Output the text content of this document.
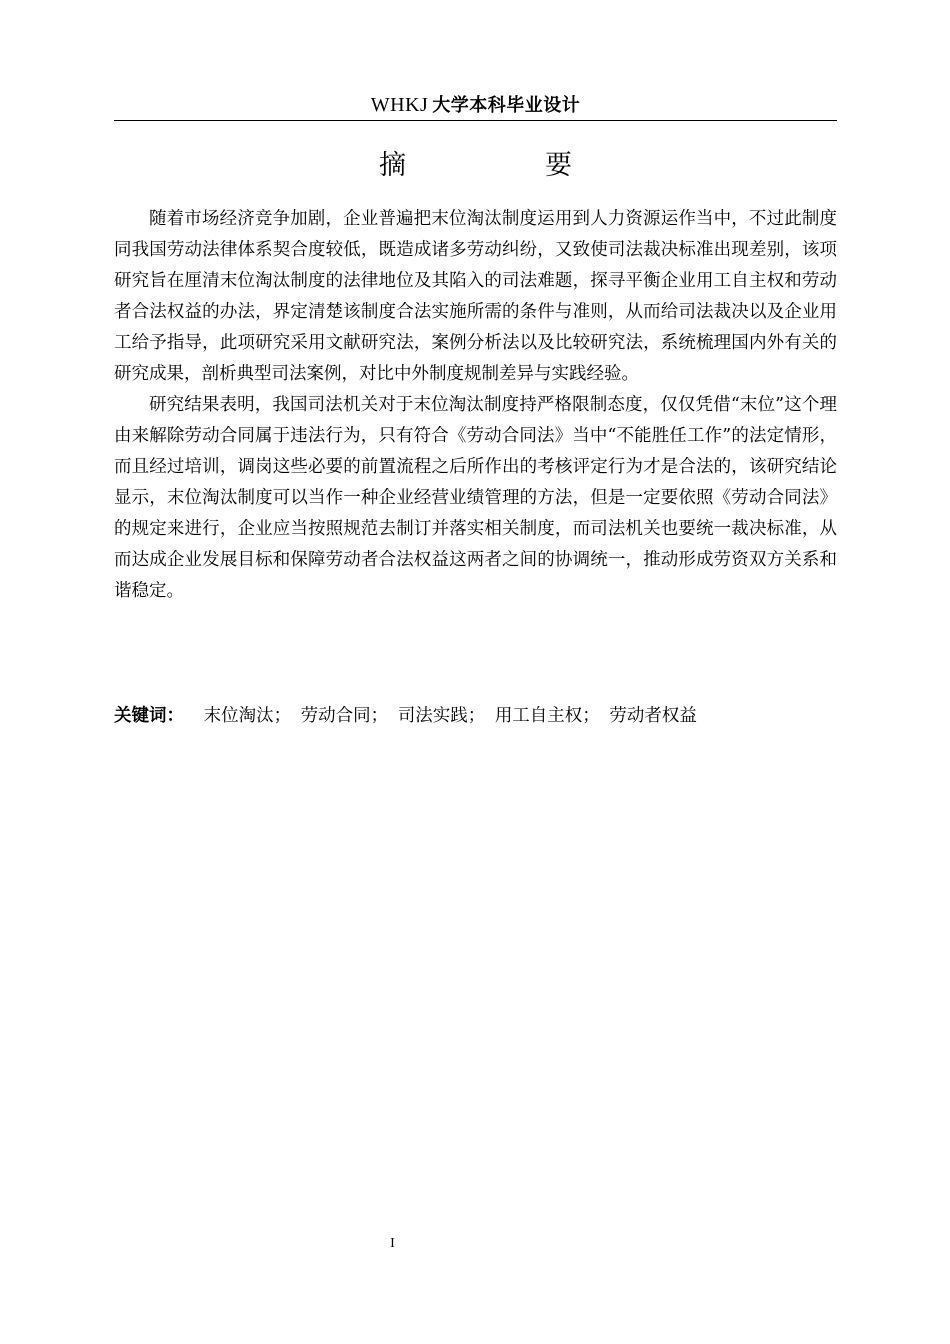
WHKJ 大学本科毕业设计
摘　要

随着市场经济竞争加剧，企业普遍把末位淘汰制度运用到人力资源运作当中，不过此制度同我国劳动法律体系契合度较低，既造成诸多劳动纠纷，又致使司法裁决标准出现差别，该项研究旨在厘清末位淘汰制度的法律地位及其陷入的司法难题，探寻平衡企业用工自主权和劳动者合法权益的办法，界定清楚该制度合法实施所需的条件与准则，从而给司法裁决以及企业用工给予指导，此项研究采用文献研究法，案例分析法以及比较研究法，系统梳理国内外有关的研究成果，剖析典型司法案例，对比中外制度规制差异与实践经验。

研究结果表明，我国司法机关对于末位淘汰制度持严格限制态度，仅仅凭借“末位”这个理由来解除劳动合同属于违法行为，只有符合《劳动合同法》当中“不能胜任工作”的法定情形，而且经过培训，调岗这些必要的前置流程之后所作出的考核评定行为才是合法的，该研究结论显示，末位淘汰制度可以当作一种企业经营业绩管理的方法，但是一定要依照《劳动合同法》的规定来进行，企业应当按照规范去制订并落实相关制度，而司法机关也要统一裁决标准，从而达成企业发展目标和保障劳动者合法权益这两者之间的协调统一，推动形成劳资双方关系和谐稳定。

关键词： 末位淘汰； 劳动合同； 司法实践； 用工自主权； 劳动者权益
I
